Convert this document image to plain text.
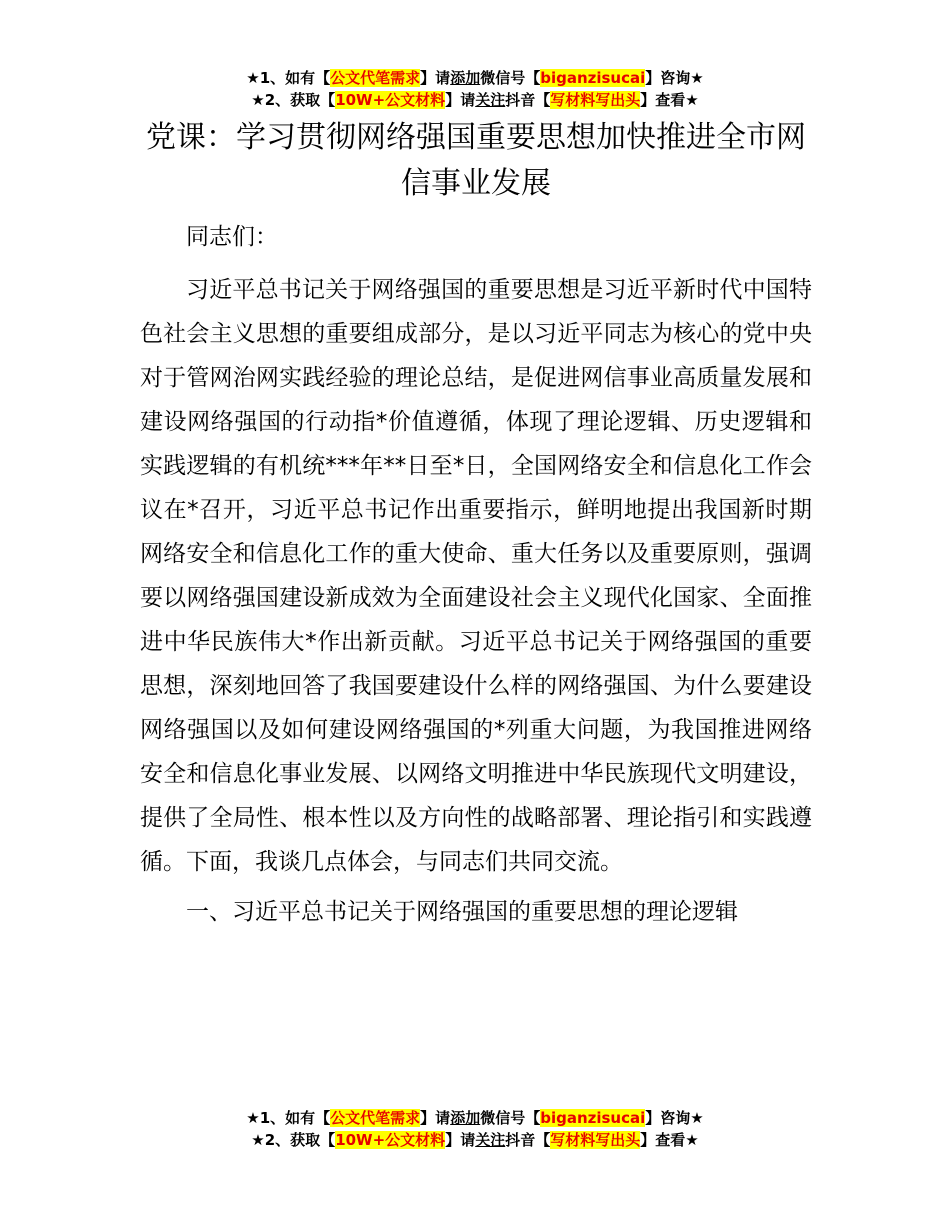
★1、如有【公文代笔需求】请添加微信号【biganzisucai】咨询★
★2、获取【10W+公文材料】请关注抖音【写材料写出头】查看★
党课：学习贯彻网络强国重要思想加快推进全市网信事业发展

同志们：

习近平总书记关于网络强国的重要思想是习近平新时代中国特色社会主义思想的重要组成部分，是以习近平同志为核心的党中央对于管网治网实践经验的理论总结，是促进网信事业高质量发展和建设网络强国的行动指*价值遵循，体现了理论逻辑、历史逻辑和实践逻辑的有机统***年**日至*日，全国网络安全和信息化工作会议在*召开，习近平总书记作出重要指示，鲜明地提出我国新时期网络安全和信息化工作的重大使命、重大任务以及重要原则，强调要以网络强国建设新成效为全面建设社会主义现代化国家、全面推进中华民族伟大*作出新贡献。习近平总书记关于网络强国的重要思想，深刻地回答了我国要建设什么样的网络强国、为什么要建设网络强国以及如何建设网络强国的*列重大问题，为我国推进网络安全和信息化事业发展、以网络文明推进中华民族现代文明建设，提供了全局性、根本性以及方向性的战略部署、理论指引和实践遵循。下面，我谈几点体会，与同志们共同交流。

一、习近平总书记关于网络强国的重要思想的理论逻辑

★1、如有【公文代笔需求】请添加微信号【biganzisucai】咨询★
★2、获取【10W+公文材料】请关注抖音【写材料写出头】查看★
